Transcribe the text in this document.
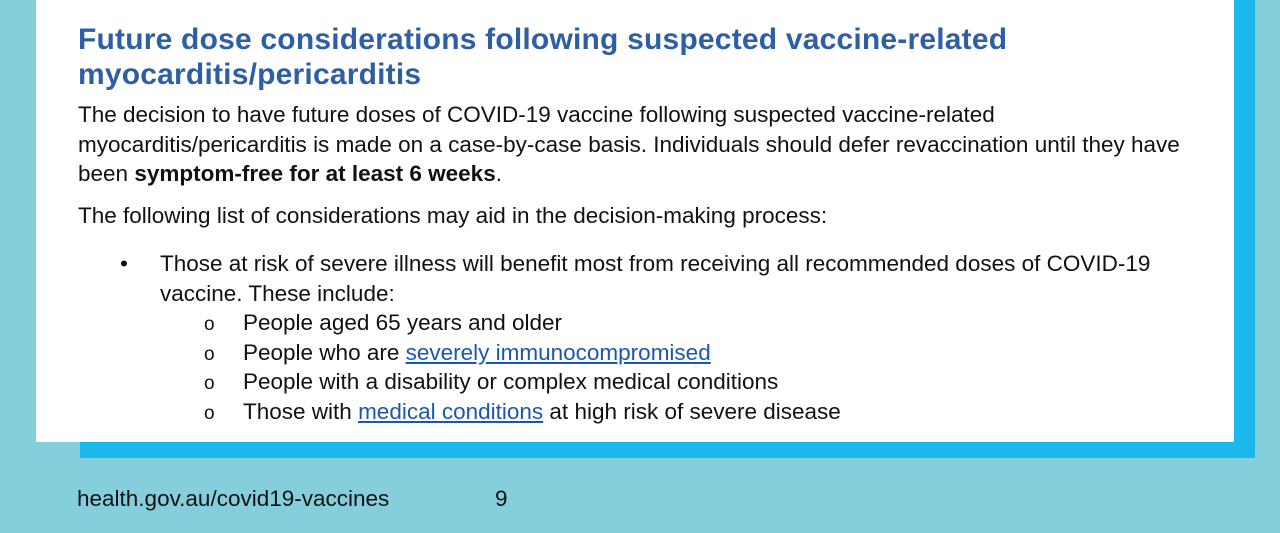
Future dose considerations following suspected vaccine-related myocarditis/pericarditis

The decision to have future doses of COVID-19 vaccine following suspected vaccine-related myocarditis/pericarditis is made on a case-by-case basis. Individuals should defer revaccination until they have been symptom-free for at least 6 weeks.

The following list of considerations may aid in the decision-making process:

• Those at risk of severe illness will benefit most from receiving all recommended doses of COVID-19 vaccine. These include:
o People aged 65 years and older
o People who are severely immunocompromised
o People with a disability or complex medical conditions
o Those with medical conditions at high risk of severe disease
health.gov.au/covid19-vaccines	9
